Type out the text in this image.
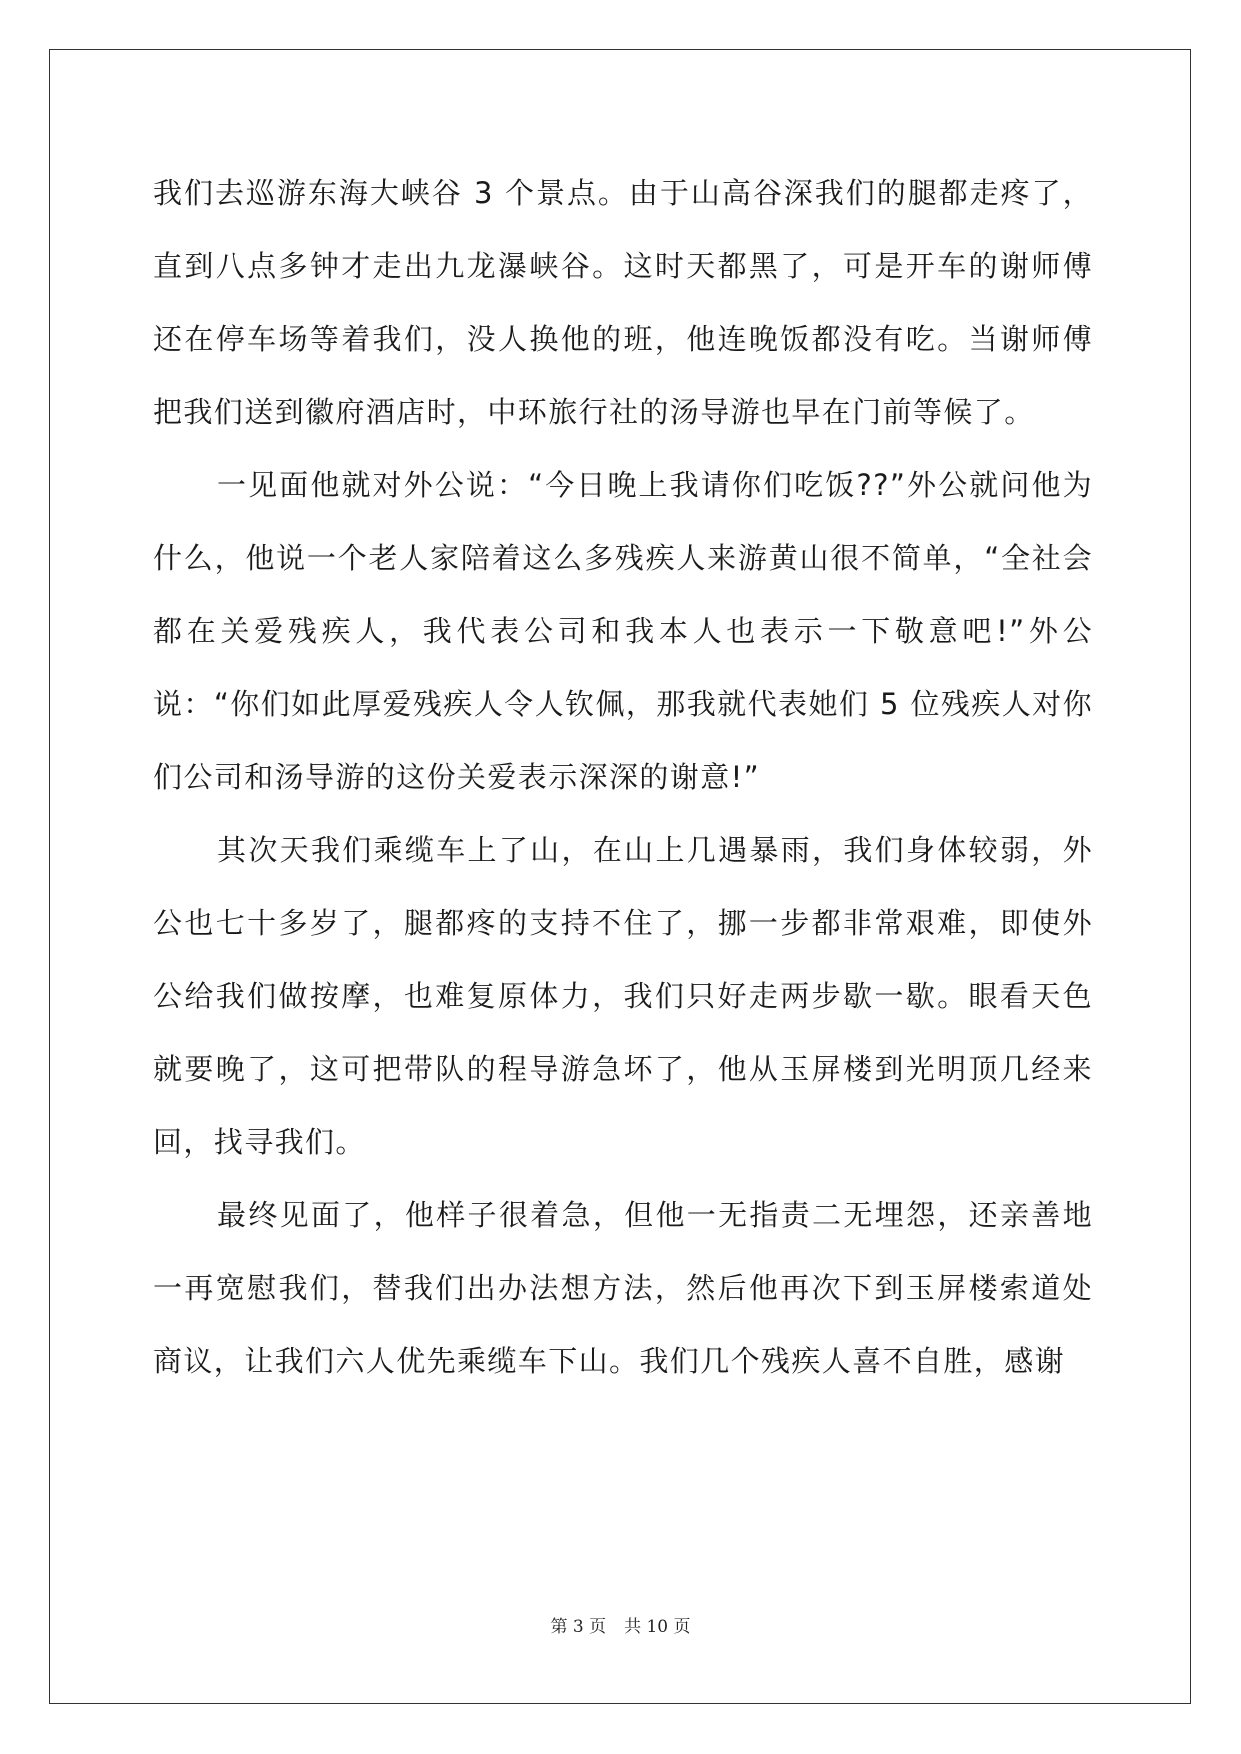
我们去巡游东海大峡谷 3 个景点。由于山高谷深我们的腿都走疼了，直到八点多钟才走出九龙瀑峡谷。这时天都黑了，可是开车的谢师傅还在停车场等着我们，没人换他的班，他连晚饭都没有吃。当谢师傅把我们送到徽府酒店时，中环旅行社的汤导游也早在门前等候了。

一见面他就对外公说：“今日晚上我请你们吃饭??”外公就问他为什么，他说一个老人家陪着这么多残疾人来游黄山很不简单，“全社会都在关爱残疾人，我代表公司和我本人也表示一下敬意吧!”外公说：“你们如此厚爱残疾人令人钦佩，那我就代表她们 5 位残疾人对你们公司和汤导游的这份关爱表示深深的谢意!”

其次天我们乘缆车上了山，在山上几遇暴雨，我们身体较弱，外公也七十多岁了，腿都疼的支持不住了，挪一步都非常艰难，即使外公给我们做按摩，也难复原体力，我们只好走两步歇一歇。眼看天色就要晚了，这可把带队的程导游急坏了，他从玉屏楼到光明顶几经来回，找寻我们。

最终见面了，他样子很着急，但他一无指责二无埋怨，还亲善地一再宽慰我们，替我们出办法想方法，然后他再次下到玉屏楼索道处商议，让我们六人优先乘缆车下山。我们几个残疾人喜不自胜，感谢

第 3 页 共 10 页
